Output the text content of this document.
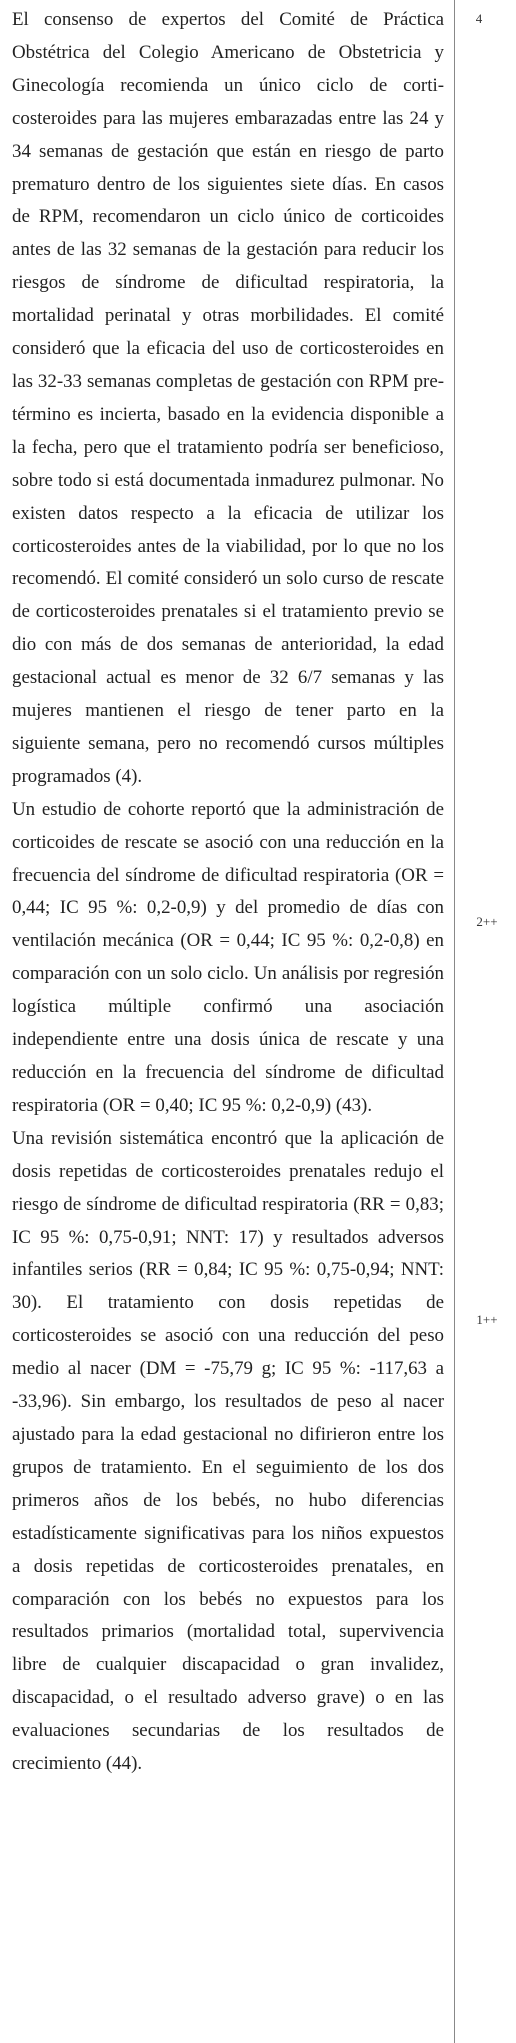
El consenso de expertos del Comité de Práctica Obstétrica del Colegio Americano de Obstetricia y Ginecología recomienda un único ciclo de corticosteroides para las mujeres embarazadas entre las 24 y 34 semanas de gestación que están en riesgo de parto prematuro dentro de los siguientes siete días. En casos de RPM, recomendaron un ciclo único de corticoides antes de las 32 semanas de la gestación para reducir los riesgos de síndrome de dificultad respiratoria, la mortalidad perinatal y otras morbilidades. El comité consideró que la eficacia del uso de corticosteroides en las 32-33 semanas completas de gestación con RPM pretérmino es incierta, basado en la evidencia disponible a la fecha, pero que el tratamiento podría ser beneficioso, sobre todo si está documentada inmadurez pulmonar. No existen datos respecto a la eficacia de utilizar los corticosteroides antes de la viabilidad, por lo que no los recomendó. El comité consideró un solo curso de rescate de corticosteroides prenatales si el tratamiento previo se dio con más de dos semanas de anterioridad, la edad gestacional actual es menor de 32 6/7 semanas y las mujeres mantienen el riesgo de tener parto en la siguiente semana, pero no recomendó cursos múltiples programados (4).

Un estudio de cohorte reportó que la administración de corticoides de rescate se asoció con una reducción en la frecuencia del síndrome de dificultad respiratoria (OR = 0,44; IC 95 %: 0,2-0,9) y del promedio de días con ventilación mecánica (OR = 0,44; IC 95 %: 0,2-0,8) en comparación con un solo ciclo. Un análisis por regresión logística múltiple confirmó una asociación independiente entre una dosis única de rescate y una reducción en la frecuencia del síndrome de dificultad respiratoria (OR = 0,40; IC 95 %: 0,2-0,9) (43).

Una revisión sistemática encontró que la aplicación de dosis repetidas de corticosteroides prenatales redujo el riesgo de síndrome de dificultad respiratoria (RR = 0,83; IC 95 %: 0,75-0,91; NNT: 17) y resultados adversos infantiles serios (RR = 0,84; IC 95 %: 0,75-0,94; NNT: 30). El tratamiento con dosis repetidas de corticosteroides se asoció con una reducción del peso medio al nacer (DM = -75,79 g; IC 95 %: -117,63 a -33,96). Sin embargo, los resultados de peso al nacer ajustado para la edad gestacional no difirieron entre los grupos de tratamiento. En el seguimiento de los dos primeros años de los bebés, no hubo diferencias estadísticamente significativas para los niños expuestos a dosis repetidas de corticosteroides prenatales, en comparación con los bebés no expuestos para los resultados primarios (mortalidad total, supervivencia libre de cualquier discapacidad o gran invalidez, discapacidad, o el resultado adverso grave) o en las evaluaciones secundarias de los resultados de crecimiento (44).

4
2++
1++
